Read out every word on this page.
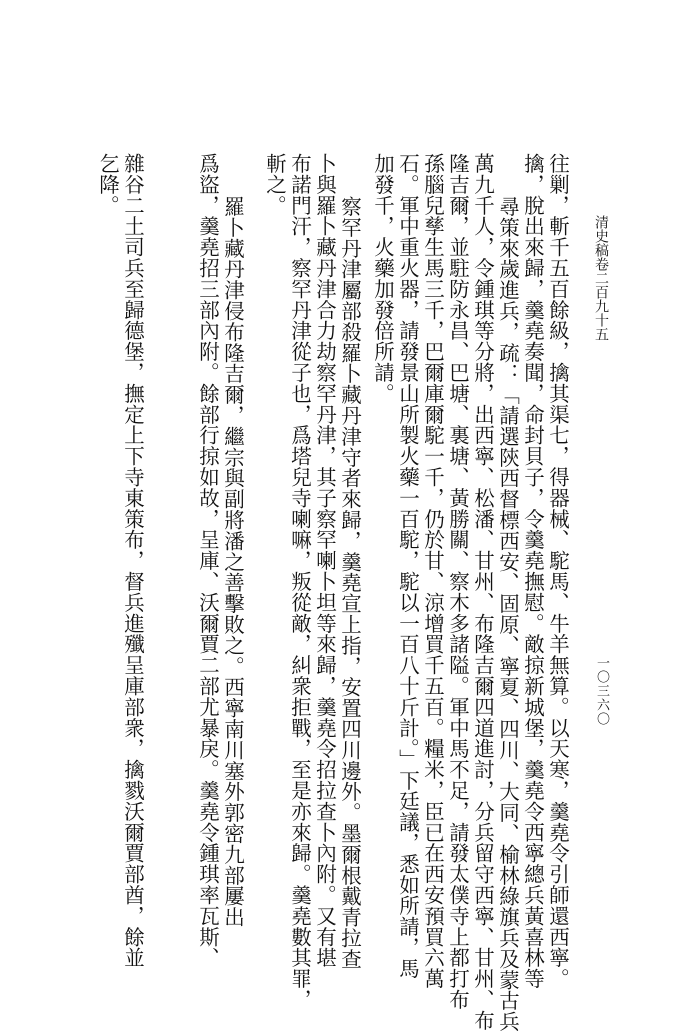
清史稿卷二百九十五
一〇三六〇
往剿，斬千五百餘級，擒其渠七，得器械、駝馬、牛羊無算。以天寒，羹堯令引師還西寧。
擒，脫出來歸，羹堯奏聞，命封貝子，令羹堯撫慰。敵掠新城堡，羹堯令西寧總兵黃喜林等
尋策來歲進兵，疏：「請選陝西督標西安、固原、寧夏、四川、大同、榆林綠旗兵及蒙古兵
萬九千人，令鍾琪等分將，出西寧、松潘、甘州、布隆吉爾四道進討，分兵留守西寧、甘州、布
隆吉爾，並駐防永昌、巴塘、裏塘、黃勝關、察木多諸隘。軍中馬不足，請發太僕寺上都打布
孫腦兒孳生馬三千，巴爾庫爾駝一千，仍於甘、涼增買千五百。糧米，臣已在西安預買六萬
石。軍中重火器，請發景山所製火藥一百駝，駝以一百八十斤計。」下廷議，悉如所請，馬
加發千，火藥加發倍所請。
察罕丹津屬部殺羅卜藏丹津守者來歸，羹堯宣上指，安置四川邊外。墨爾根戴青拉查
卜與羅卜藏丹津合力劫察罕丹津，其子察罕喇卜坦等來歸，羹堯令招拉查卜內附。又有堪
布諾門汗，察罕丹津從子也，爲塔兒寺喇嘛，叛從敵，糾衆拒戰，至是亦來歸。羹堯數其罪，
斬之。
羅卜藏丹津侵布隆吉爾，繼宗與副將潘之善擊敗之。西寧南川塞外郭密九部屢出
爲盜，羹堯招三部內附。餘部行掠如故，呈庫、沃爾賈二部尤暴戾。羹堯令鍾琪率瓦斯、
雜谷二土司兵至歸德堡，撫定上下寺東策布，督兵進殲呈庫部衆，擒戮沃爾賈部酋，餘並
乞降。
